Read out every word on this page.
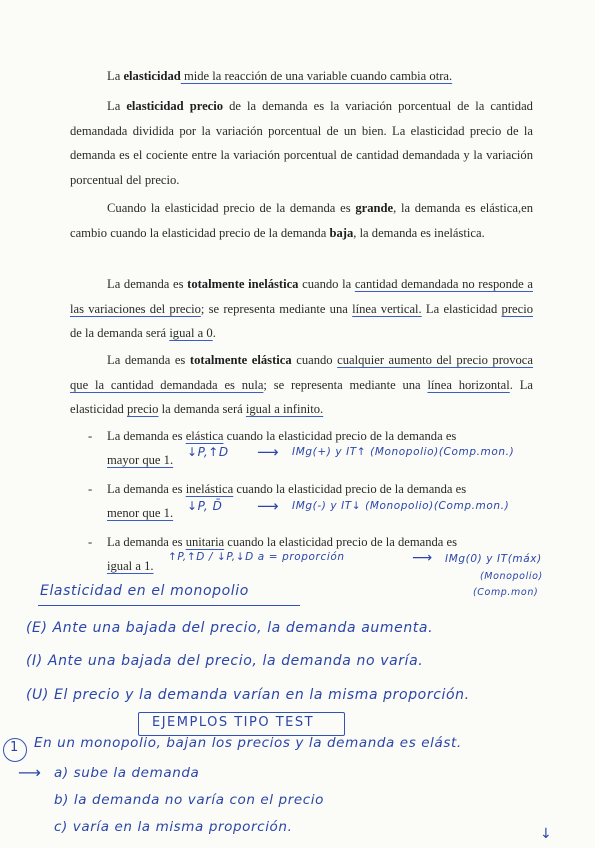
La elasticidad mide la reacción de una variable cuando cambia otra.

La elasticidad precio de la demanda es la variación porcentual de la cantidad demandada dividida por la variación porcentual de un bien. La elasticidad precio de la demanda es el cociente entre la variación porcentual de cantidad demandada y la variación porcentual del precio.

Cuando la elasticidad precio de la demanda es grande, la demanda es elástica,en cambio cuando la elasticidad precio de la demanda baja, la demanda es inelástica.

La demanda es totalmente inelástica cuando la cantidad demandada no responde a las variaciones del precio; se representa mediante una línea vertical. La elasticidad precio de la demanda será igual a 0.

La demanda es totalmente elástica cuando cualquier aumento del precio provoca que la cantidad demandada es nula; se representa mediante una línea horizontal. La elasticidad precio la demanda será igual a infinito.

- La demanda es elástica cuando la elasticidad precio de la demanda es
mayor que 1.
- La demanda es inelástica cuando la elasticidad precio de la demanda es
menor que 1.
- La demanda es unitaria cuando la elasticidad precio de la demanda es
igual a 1.
↓P,↑D ⟶ IMg(+) y IT↑ (Monopolio)(Comp.mon.)
↓P, D̄ ⟶ IMg(-) y IT↓ (Monopolio)(Comp.mon.)
↑P,↑D / ↓P,↓D a = proporción	⟶ IMg(0) y IT(máx)
(Monopolio)
(Comp.mon)
Elasticidad en el monopolio
(E) Ante una bajada del precio, la demanda aumenta.
(I) Ante una bajada del precio, la demanda no varía.
(U) El precio y la demanda varían en la misma proporción.
EJEMPLOS TIPO TEST
1 En un monopolio, bajan los precios y la demanda es elást.
⟶ a) sube la demanda
b) la demanda no varía con el precio
c) varía en la misma proporción.	↓
